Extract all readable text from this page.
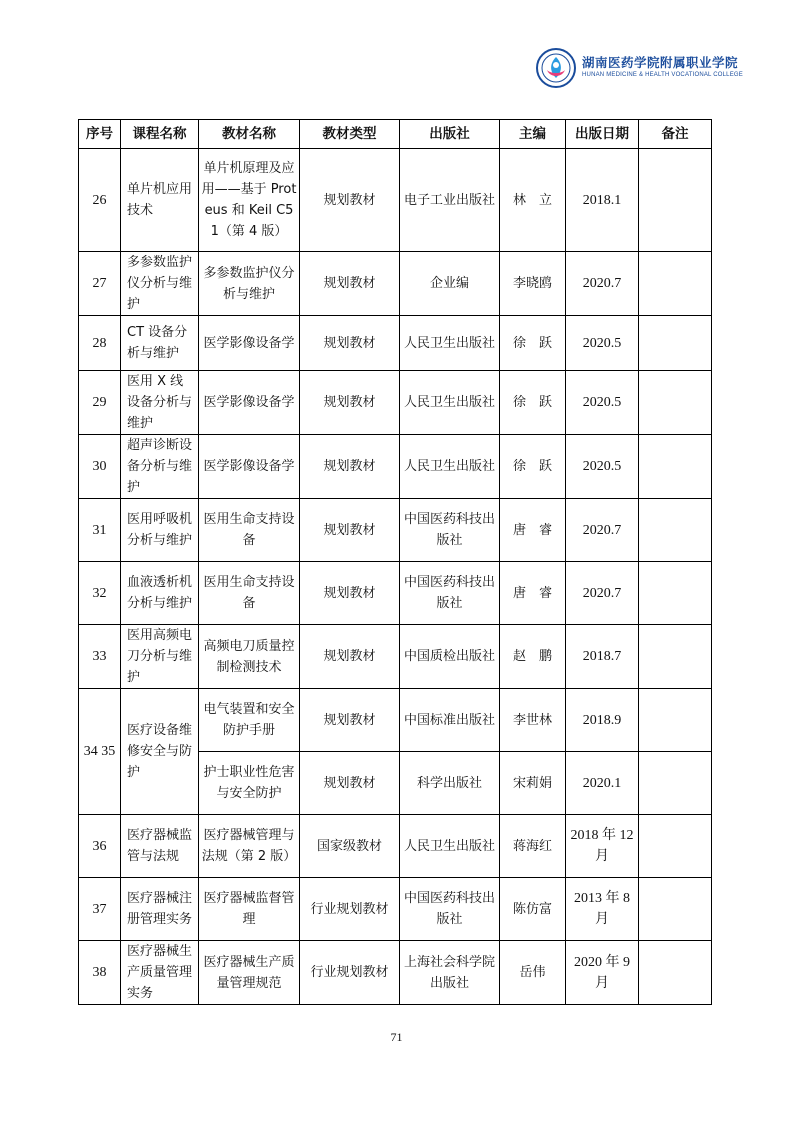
湖南医药学院附属职业学院
HUNAN MEDICINE & HEALTH VOCATIONAL COLLEGE
序号	课程名称	教材名称	教材类型	出版社	主编	出版日期	备注
26	单片机应用技术	单片机原理及应用——基于 Proteus 和 Keil C51（第 4 版）	规划教材	电子工业出版社	林　立	2018.1	
27	多参数监护仪分析与维护	多参数监护仪分析与维护	规划教材	企业编	李晓鸥	2020.7	
28	CT 设备分析与维护	医学影像设备学	规划教材	人民卫生出版社	徐　跃	2020.5	
29	医用 X 线设备分析与维护	医学影像设备学	规划教材	人民卫生出版社	徐　跃	2020.5	
30	超声诊断设备分析与维护	医学影像设备学	规划教材	人民卫生出版社	徐　跃	2020.5	
31	医用呼吸机分析与维护	医用生命支持设备	规划教材	中国医药科技出版社	唐　睿	2020.7	
32	血液透析机分析与维护	医用生命支持设备	规划教材	中国医药科技出版社	唐　睿	2020.7	
33	医用高频电刀分析与维护	高频电刀质量控制检测技术	规划教材	中国质检出版社	赵　鹏	2018.7	
34 35	医疗设备维修安全与防护	电气装置和安全防护手册	规划教材	中国标准出版社	李世林	2018.9	
		护士职业性危害与安全防护	规划教材	科学出版社	宋莉娟	2020.1	
36	医疗器械监管与法规	医疗器械管理与法规（第 2 版）	国家级教材	人民卫生出版社	蒋海红	2018 年 12 月	
37	医疗器械注册管理实务	医疗器械监督管理	行业规划教材	中国医药科技出版社	陈仿富	2013 年 8 月	
38	医疗器械生产质量管理实务	医疗器械生产质量管理规范	行业规划教材	上海社会科学院出版社	岳伟	2020 年 9 月	
71
